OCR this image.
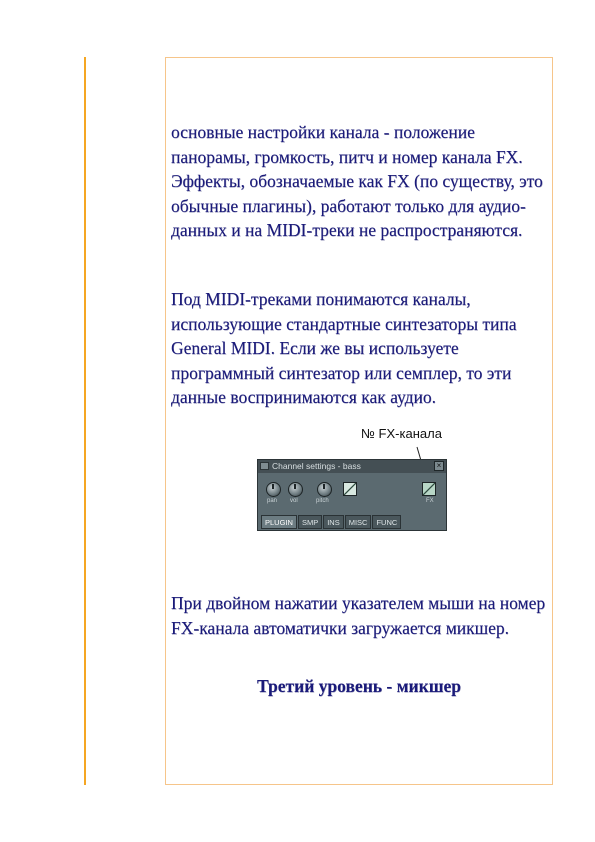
основные настройки канала - положение панорамы, громкость, питч и номер канала FX. Эффекты, обозначаемые как FX (по существу, это обычные плагины), работают только для аудио-данных и на MIDI-треки не распространяются.

Под MIDI-треками понимаются каналы, использующие стандартные синтезаторы типа General MIDI. Если же вы используете программный синтезатор или семплер, то эти данные воспринимаются как аудио.

№ FX-канала
Channel settings - bass	×
pan vol	pitch	FX
PLUGIN	SMP	INS	MISC	FUNC

При двойном нажатии указателем мыши на номер FX-канала автоматички загружается микшер.

Третий уровень - микшер
